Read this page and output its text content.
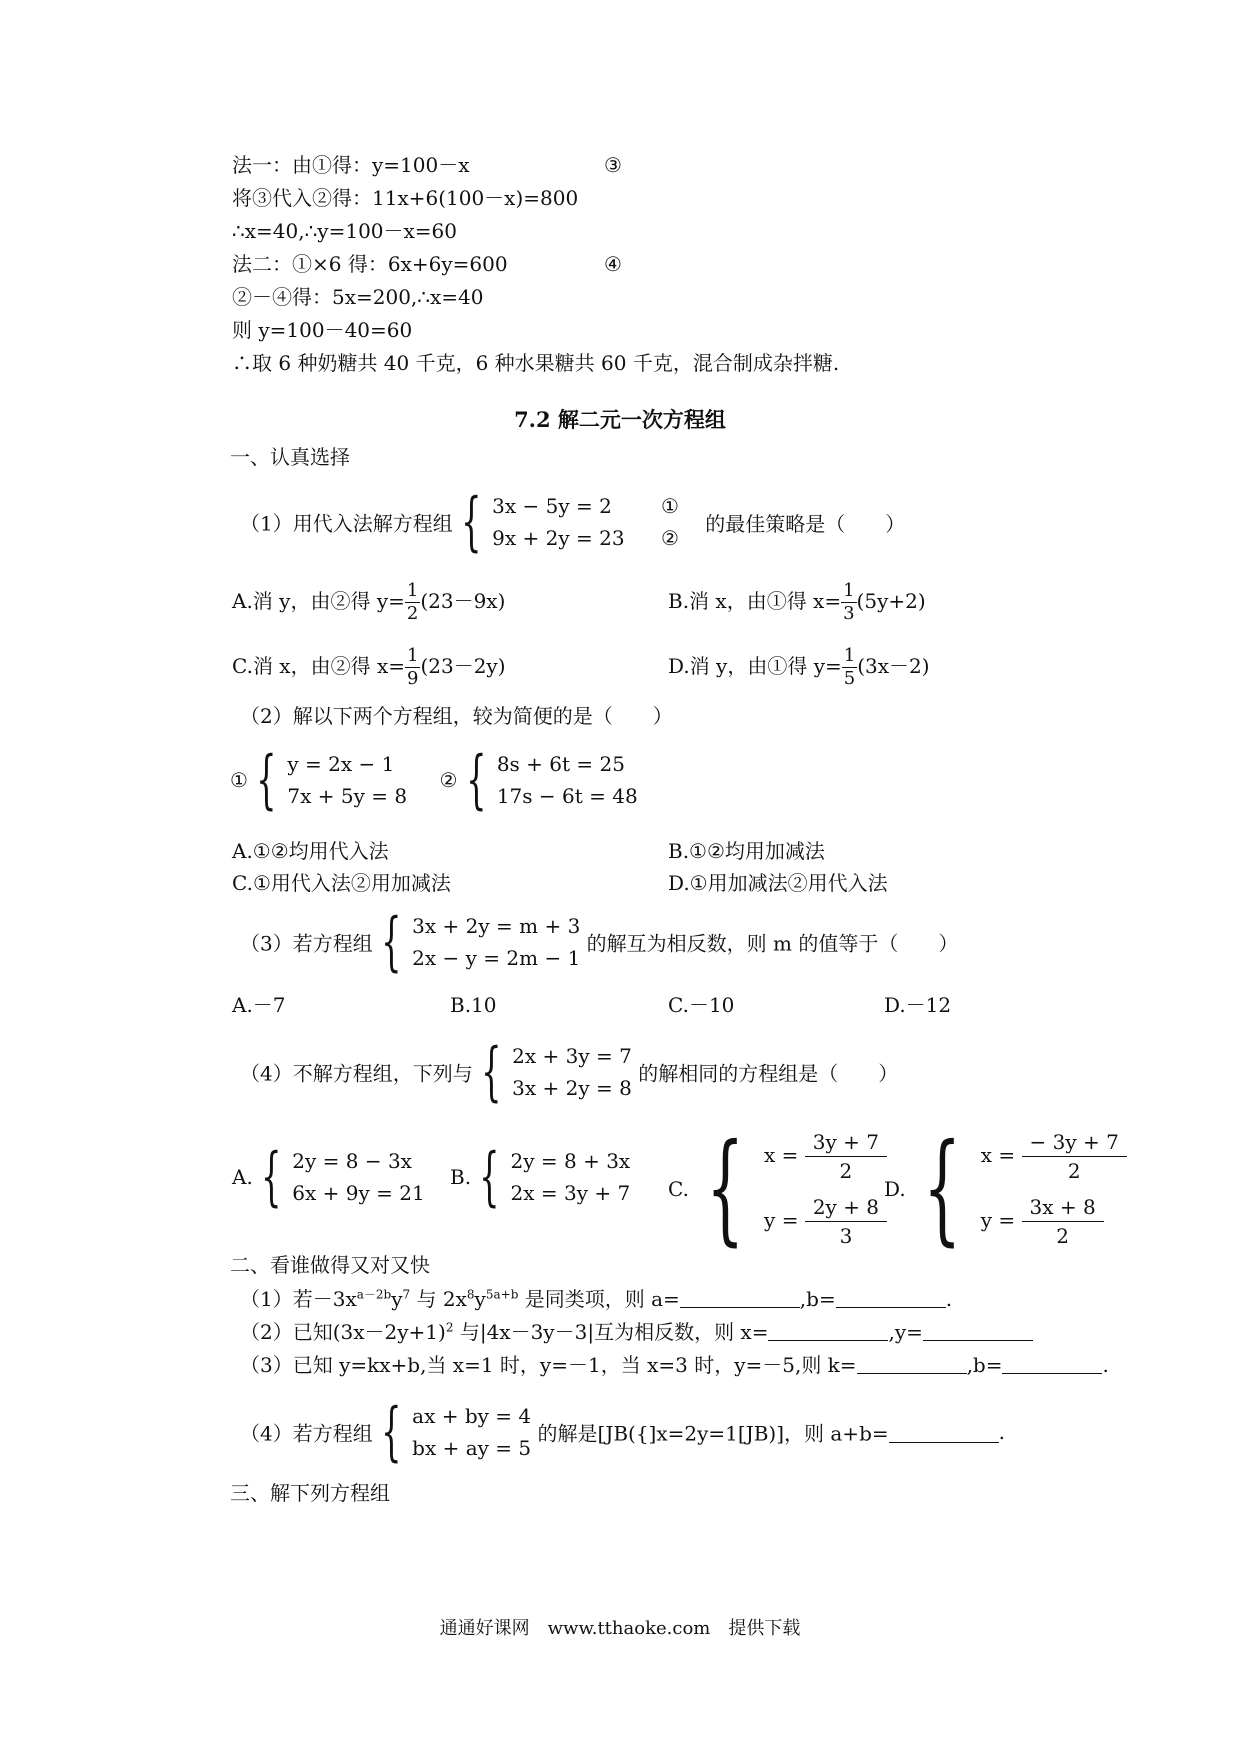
法一：由①得：y=100－x	③
将③代入②得：11x+6(100－x)=800
∴x=40,∴y=100－x=60
法二：①×6 得：6x+6y=600	④
②－④得：5x=200,∴x=40
则 y=100－40=60
∴取 6 种奶糖共 40 千克，6 种水果糖共 60 千克，混合制成杂拌糖.
7.2 解二元一次方程组
一、认真选择
（1）用代入法解方程组 { 3x − 5y = 2
9x + 2y = 23

①
②
的最佳策略是（　　）
A.消 y，由②得 $y= \frac{1}{2} (23-9x)$	B.消 x，由①得 $x= \frac{1}{3} (5y+2)$
C.消 x，由②得 $x= \frac{1}{9} (23-2y)$	D.消 y，由①得 $y= \frac{1}{5} (3x-2)$
（2）解以下两个方程组，较为简便的是（　　）
① { y = 2x − 1
7x + 5y = 8
② { 8s + 6t = 25
17s − 6t = 48
A.①②均用代入法	B.①②均用加减法
C.①用代入法②用加减法	D.①用加减法②用代入法
（3）若方程组 { 3x + 2y = m + 3
2x − y = 2m − 1
的解互为相反数，则 m 的值等于（　　）
A.－7	B.10	C.－10	D.－12
（4）不解方程组，下列与 { 2x + 3y = 7
3x + 2y = 8
的解相同的方程组是（　　）
A. { 2y = 8 − 3x
6x + 9y = 21
B. { 2y = 8 + 3x
2x = 3y + 7 C. { $x = \frac{3y + 7}{2}$
$y = \frac{2y + 8}{3}$
D. { $x = \frac{- 3y + 7}{2}$
$y = \frac{3x + 8}{2}$
二、看谁做得又对又快
（1）若$-3x^{a-2b}y^7$ 与 $2x^8y^{5a+b}$ 是同类项，则 a=	,b=	.
（2）已知$(3x-2y+1)^2$ 与|4x－3y－3|互为相反数，则 x=	,y=
（3）已知 y=kx+b,当 x=1 时，y=－1，当 x=3 时，y=－5,则 k=	,b=	.
（4）若方程组 { ax + by = 4
bx + ay = 5
的解是[JB({]x=2y=1[JB)]，则 a+b=	.
三、解下列方程组
通通好课网　www.tthaoke.com　提供下载
